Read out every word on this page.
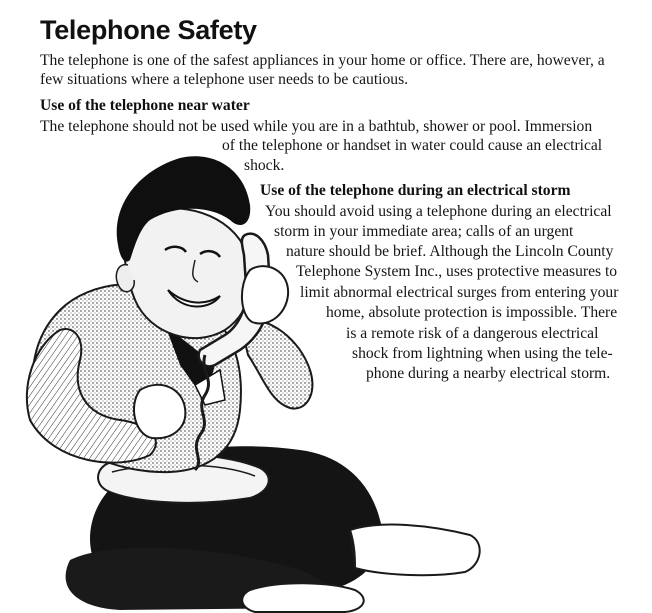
Telephone Safety

The telephone is one of the safest appliances in your home or office. There are, however, a

few situations where a telephone user needs to be cautious.

Use of the telephone near water

The telephone should not be used while you are in a bathtub, shower or pool. Immersion

of the telephone or handset in water could cause an electrical

shock.

Use of the telephone during an electrical storm

You should avoid using a telephone during an electrical

storm in your immediate area; calls of an urgent

nature should be brief. Although the Lincoln County

Telephone System Inc., uses protective measures to

limit abnormal electrical surges from entering your

home, absolute protection is impossible. There

is a remote risk of a dangerous electrical

shock from lightning when using the tele-

phone during a nearby electrical storm.
